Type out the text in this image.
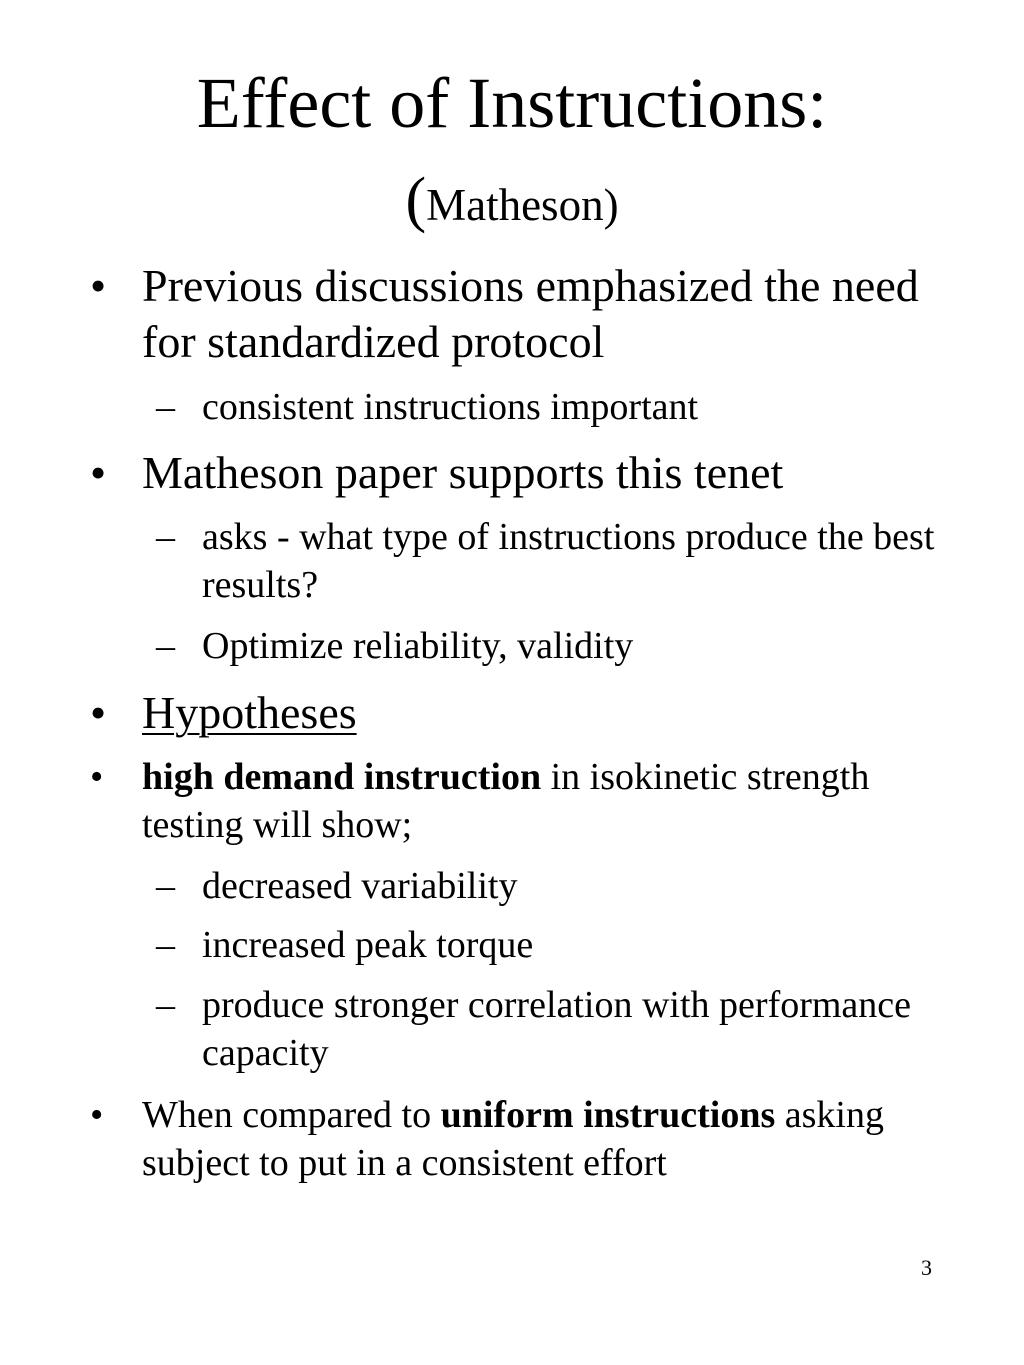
Effect of Instructions:
(Matheson)
• Previous discussions emphasized the need for standardized protocol
– consistent instructions important
• Matheson paper supports this tenet
– asks - what type of instructions produce the best results?
– Optimize reliability, validity
• Hypotheses
• high demand instruction in isokinetic strength testing will show;
– decreased variability
– increased peak torque
– produce stronger correlation with performance capacity
• When compared to uniform instructions asking subject to put in a consistent effort
3
